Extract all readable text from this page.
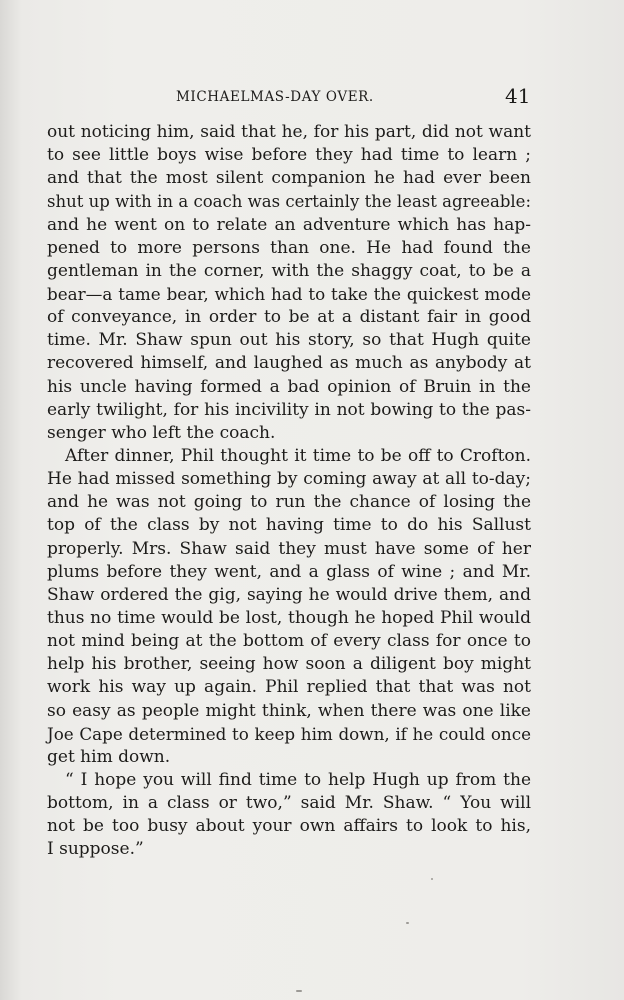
MICHAELMAS-DAY OVER.	41
out noticing him, said that he, for his part, did not want
to see little boys wise before they had time to learn ;
and that the most silent companion he had ever been
shut up with in a coach was certainly the least agreeable:
and he went on to relate an adventure which has hap-
pened to more persons than one. He had found the
gentleman in the corner, with the shaggy coat, to be a
bear—a tame bear, which had to take the quickest mode
of conveyance, in order to be at a distant fair in good
time. Mr. Shaw spun out his story, so that Hugh quite
recovered himself, and laughed as much as anybody at
his uncle having formed a bad opinion of Bruin in the
early twilight, for his incivility in not bowing to the pas-
senger who left the coach.
After dinner, Phil thought it time to be off to Crofton.
He had missed something by coming away at all to-day;
and he was not going to run the chance of losing the
top of the class by not having time to do his Sallust
properly. Mrs. Shaw said they must have some of her
plums before they went, and a glass of wine ; and Mr.
Shaw ordered the gig, saying he would drive them, and
thus no time would be lost, though he hoped Phil would
not mind being at the bottom of every class for once to
help his brother, seeing how soon a diligent boy might
work his way up again. Phil replied that that was not
so easy as people might think, when there was one like
Joe Cape determined to keep him down, if he could once
get him down.
“ I hope you will find time to help Hugh up from the
bottom, in a class or two,” said Mr. Shaw. “ You will
not be too busy about your own affairs to look to his,
I suppose.”
